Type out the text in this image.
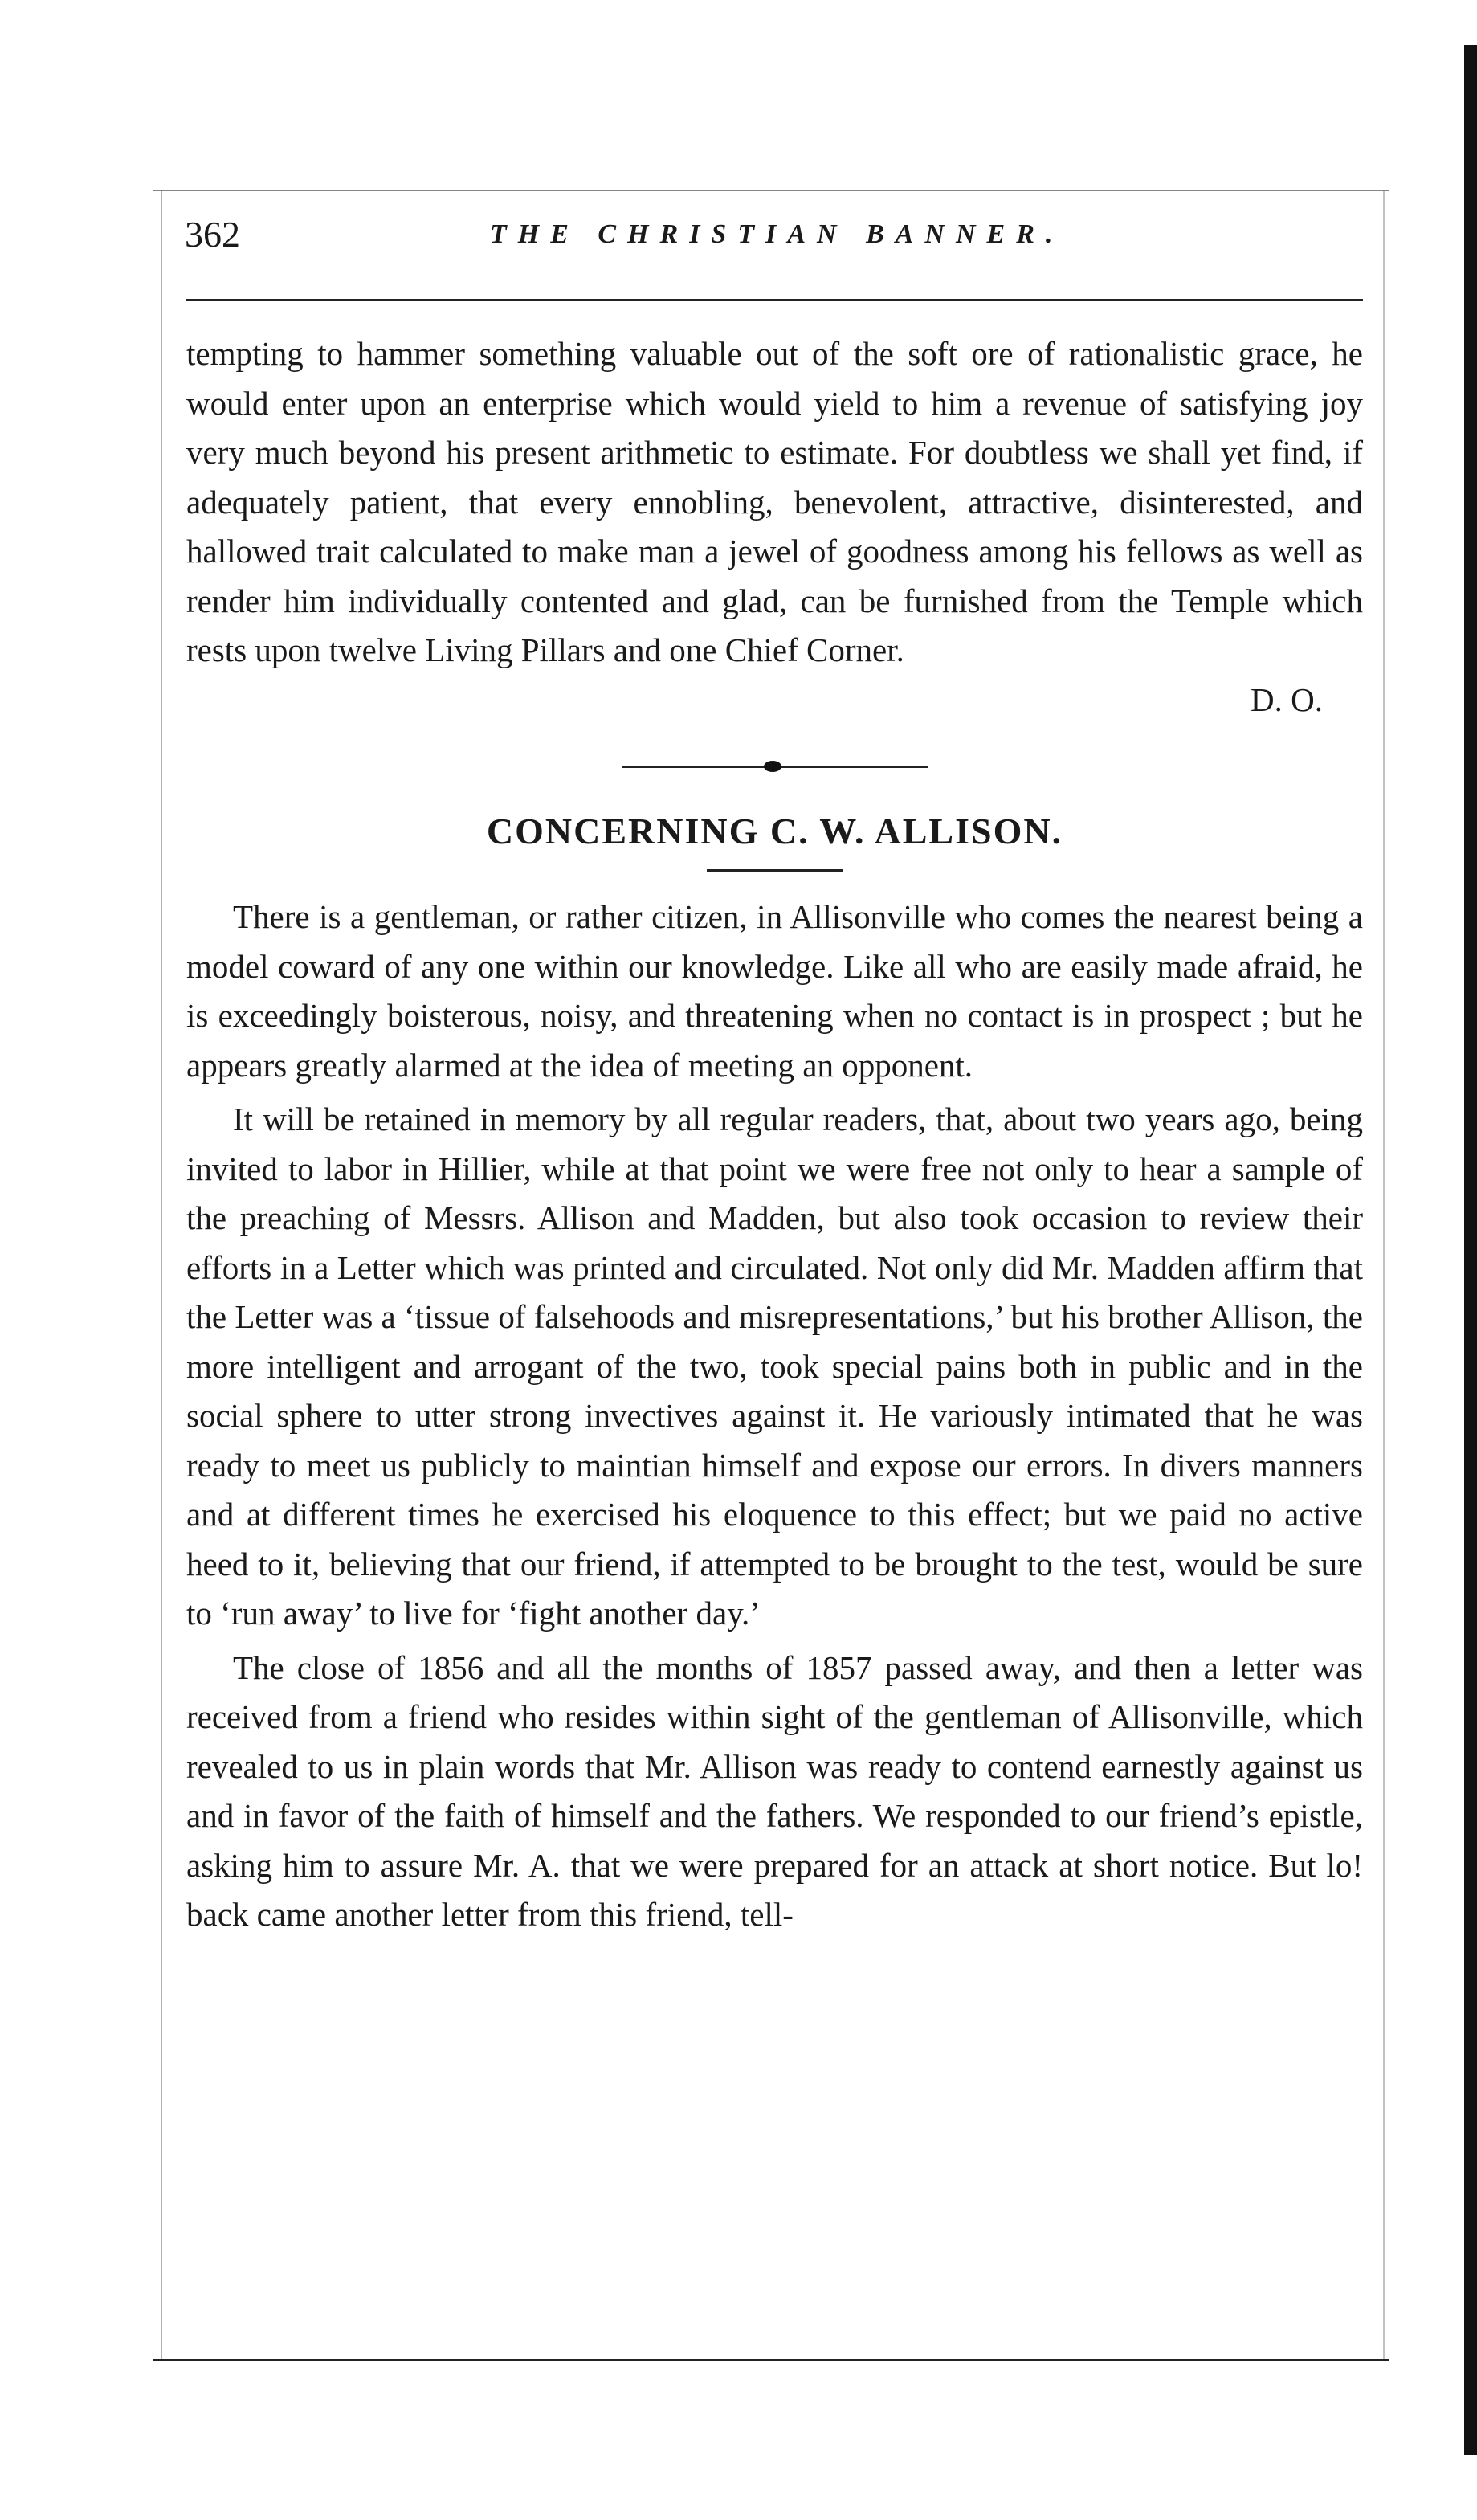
362	THE CHRISTIAN BANNER.

tempting to hammer something valuable out of the soft ore of rationalistic grace, he would enter upon an enterprise which would yield to him a revenue of satisfying joy very much beyond his present arithmetic to estimate. For doubtless we shall yet find, if adequately patient, that every ennobling, benevolent, attractive, disinterested, and hallowed trait calculated to make man a jewel of goodness among his fellows as well as render him individually contented and glad, can be furnished from the Temple which rests upon twelve Living Pillars and one Chief Corner.

D. O.

CONCERNING C. W. ALLISON.

There is a gentleman, or rather citizen, in Allisonville who comes the nearest being a model coward of any one within our knowledge. Like all who are easily made afraid, he is exceedingly boisterous, noisy, and threatening when no contact is in prospect ; but he appears greatly alarmed at the idea of meeting an opponent.

It will be retained in memory by all regular readers, that, about two years ago, being invited to labor in Hillier, while at that point we were free not only to hear a sample of the preaching of Messrs. Allison and Madden, but also took occasion to review their efforts in a Letter which was printed and circulated. Not only did Mr. Madden affirm that the Letter was a ‘tissue of falsehoods and misrepresentations,’ but his brother Allison, the more intelligent and arrogant of the two, took special pains both in public and in the social sphere to utter strong invectives against it. He variously intimated that he was ready to meet us publicly to maintian himself and expose our errors. In divers manners and at different times he exercised his eloquence to this effect; but we paid no active heed to it, believing that our friend, if attempted to be brought to the test, would be sure to ‘run away’ to live for ‘fight another day.’

The close of 1856 and all the months of 1857 passed away, and then a letter was received from a friend who resides within sight of the gentleman of Allisonville, which revealed to us in plain words that Mr. Allison was ready to contend earnestly against us and in favor of the faith of himself and the fathers. We responded to our friend’s epistle, asking him to assure Mr. A. that we were prepared for an attack at short notice. But lo! back came another letter from this friend, tell-
